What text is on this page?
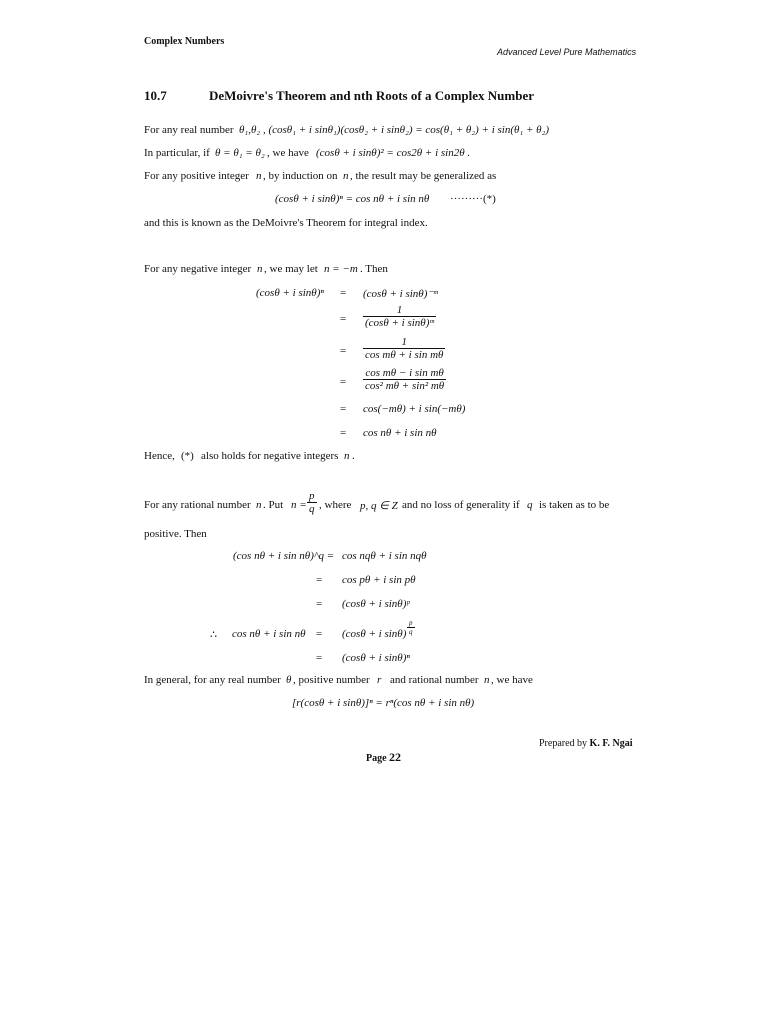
Complex Numbers
Advanced Level Pure Mathematics
10.7	DeMoivre's Theorem and nth Roots of a Complex Number
For any real number θ₁,θ₂ , (cosθ₁ + i sinθ₁)(cosθ₂ + i sinθ₂) = cos(θ₁ + θ₂) + i sin(θ₁ + θ₂)
In particular, if θ = θ₁ = θ₂ , we have (cosθ + i sinθ)² = cos2θ + i sin2θ .
For any positive integer n , by induction on n , the result may be generalized as
(cosθ + i sinθ)ⁿ = cos nθ + i sin nθ ·········(*)
and this is known as the DeMoivre's Theorem for integral index.
For any negative integer n , we may let n = −m . Then
(cosθ + i sinθ)ⁿ = (cosθ + i sinθ)⁻ᵐ
=
1
(cosθ + i sinθ)ᵐ
=
1
cos mθ + i sin mθ
=
cos mθ − i sin mθ
cos² mθ + sin² mθ
= cos(−mθ) + i sin(−mθ)
= cos nθ + i sin nθ
Hence, (*) also holds for negative integers n .
For any rational number n . Put n =
p
q , where p, q ∈ Z and no loss of generality if q is taken as to be
positive. Then
(cos nθ + i sin nθ)^q = cos nqθ + i sin nqθ
= cos pθ + i sin pθ
= (cosθ + i sinθ)ᵖ
∴ cos nθ + i sin nθ = (cosθ + i sinθ)
p
q
= (cosθ + i sinθ)ⁿ
In general, for any real number θ , positive number r and rational number n , we have
[r(cosθ + i sinθ)]ⁿ = rⁿ(cos nθ + i sin nθ)
Prepared by K. F. Ngai
Page 22
